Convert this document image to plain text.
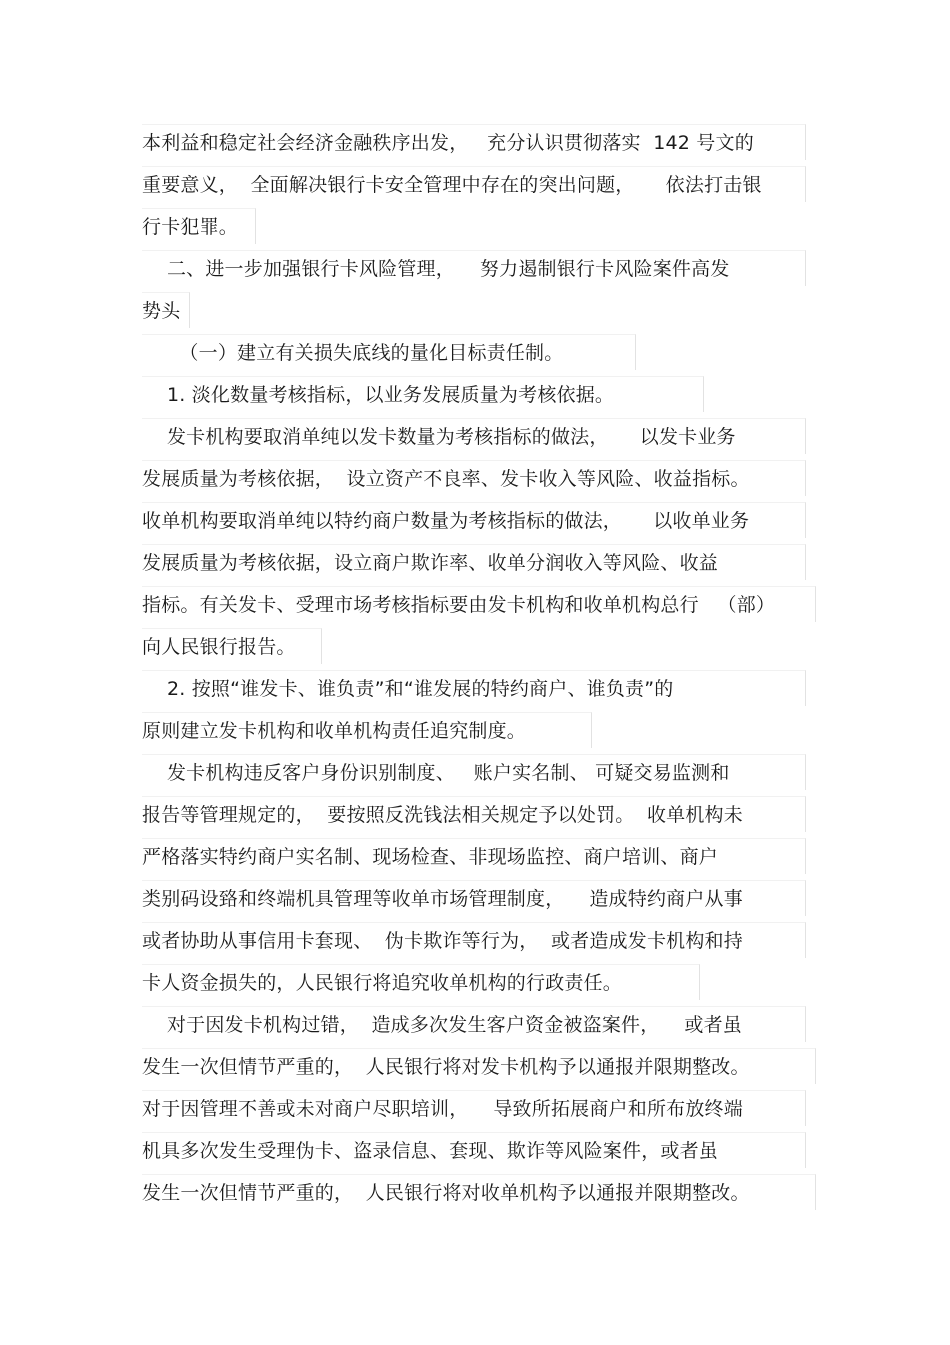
本利益和稳定社会经济金融秩序出发，   充分认识贯彻落实  142 号文的
重要意义，  全面解决银行卡安全管理中存在的突出问题，     依法打击银
行卡犯罪。
二、进一步加强银行卡风险管理，    努力遏制银行卡风险案件高发
势头
（一）建立有关损失底线的量化目标责任制。
1. 淡化数量考核指标，以业务发展质量为考核依据。
发卡机构要取消单纯以发卡数量为考核指标的做法，     以发卡业务
发展质量为考核依据，  设立资产不良率、发卡收入等风险、收益指标。
收单机构要取消单纯以特约商户数量为考核指标的做法，     以收单业务
发展质量为考核依据，设立商户欺诈率、收单分润收入等风险、收益
指标。有关发卡、受理市场考核指标要由发卡机构和收单机构总行   （部）
向人民银行报告。
2. 按照“谁发卡、谁负责”和“谁发展的特约商户、谁负责”的
原则建立发卡机构和收单机构责任追究制度。
发卡机构违反客户身份识别制度、   账户实名制、 可疑交易监测和
报告等管理规定的，  要按照反洗钱法相关规定予以处罚。  收单机构未
严格落实特约商户实名制、现场检查、非现场监控、商户培训、商户
类别码设臵和终端机具管理等收单市场管理制度，    造成特约商户从事
或者协助从事信用卡套现、  伪卡欺诈等行为，  或者造成发卡机构和持
卡人资金损失的，人民银行将追究收单机构的行政责任。
对于因发卡机构过错，  造成多次发生客户资金被盗案件，    或者虽
发生一次但情节严重的，  人民银行将对发卡机构予以通报并限期整改。
对于因管理不善或未对商户尽职培训，    导致所拓展商户和所布放终端
机具多次发生受理伪卡、盗录信息、套现、欺诈等风险案件，或者虽
发生一次但情节严重的，  人民银行将对收单机构予以通报并限期整改。
